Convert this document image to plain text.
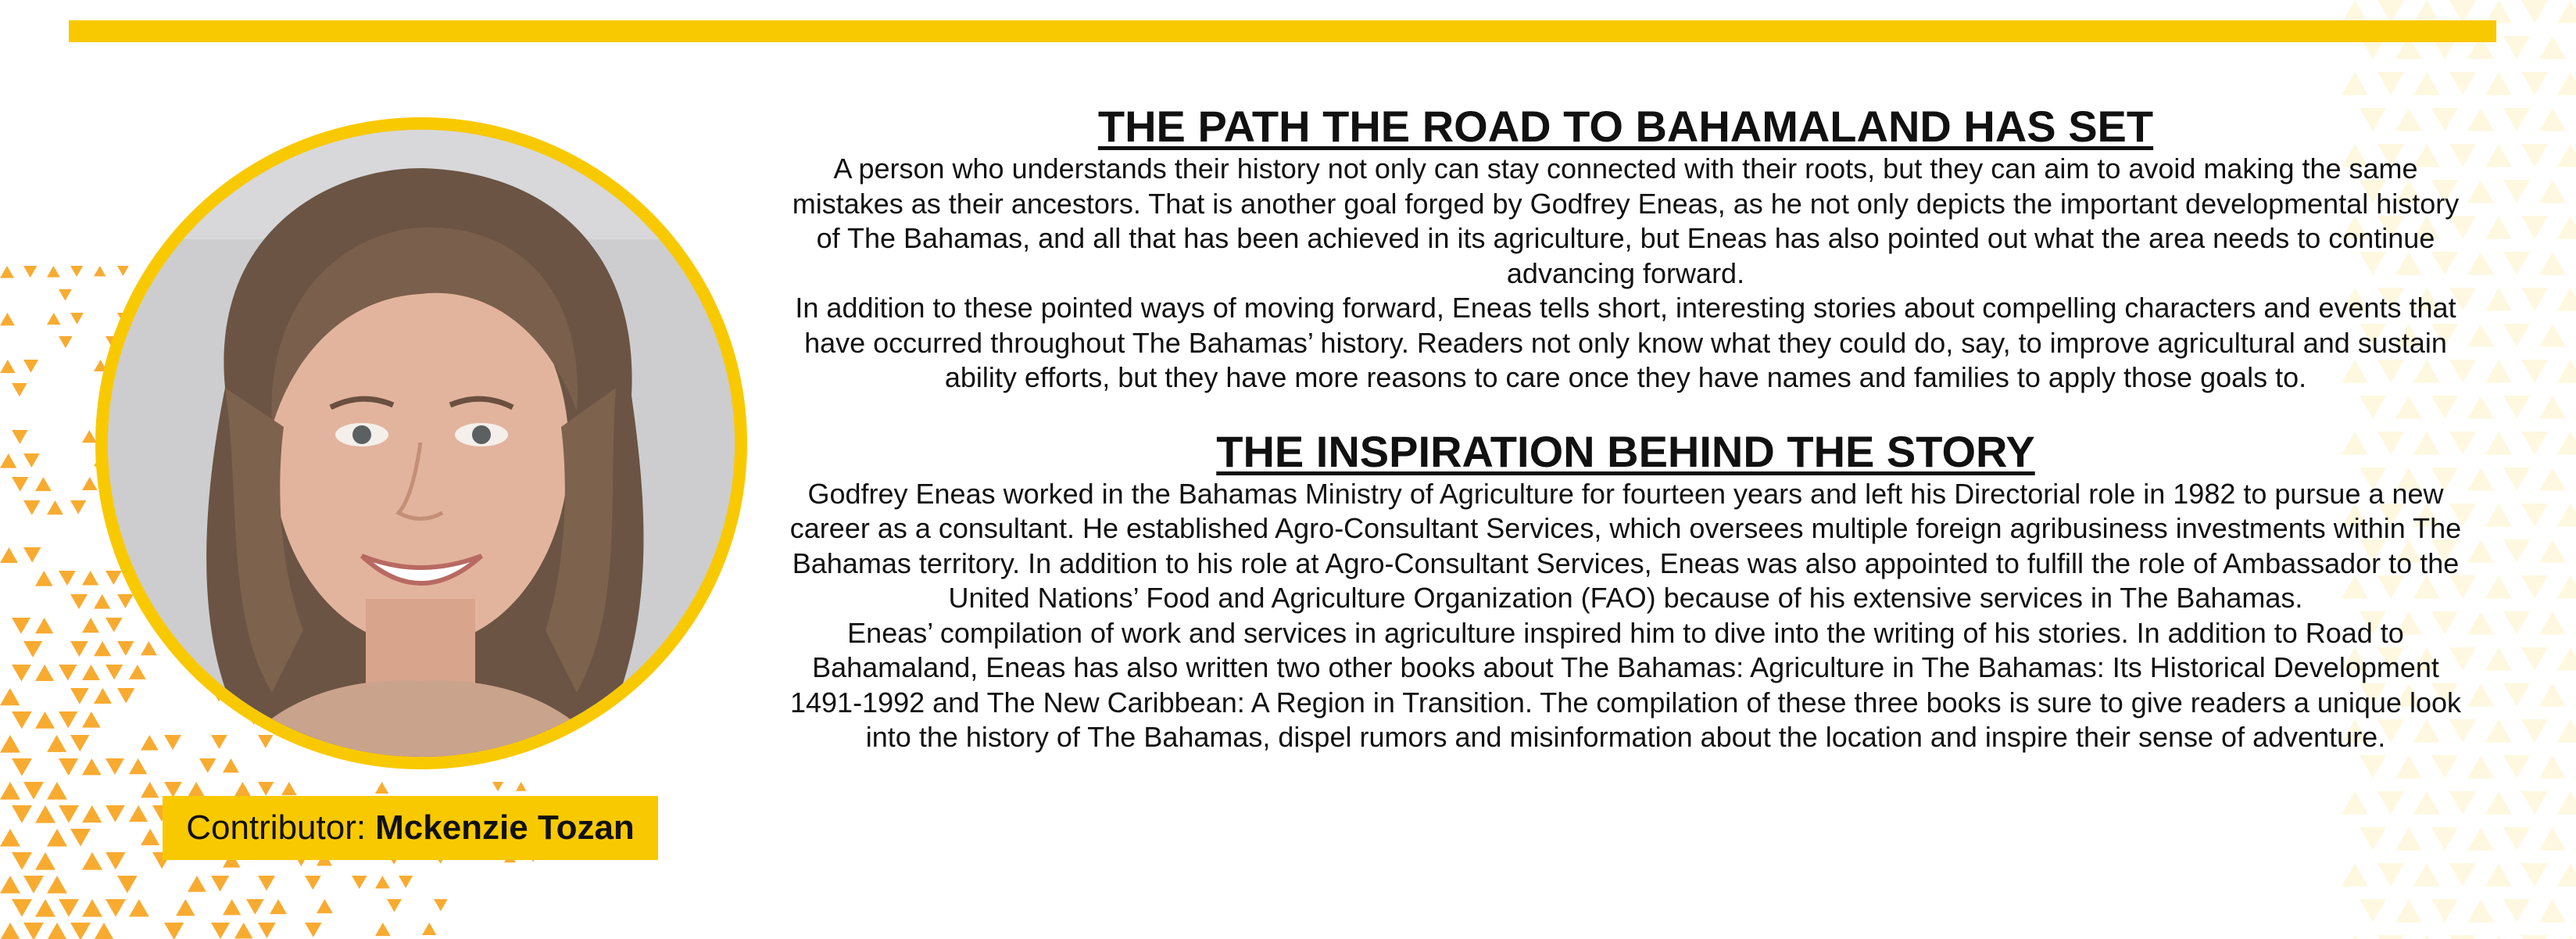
Contributor: Mckenzie Tozan
THE PATH THE ROAD TO BAHAMALAND HAS SET

A person who understands their history not only can stay connected with their roots, but they can aim to avoid making the same mistakes as their ancestors. That is another goal forged by Godfrey Eneas, as he not only depicts the important developmental history of The Bahamas, and all that has been achieved in its agriculture, but Eneas has also pointed out what the area needs to continue advancing forward.

In addition to these pointed ways of moving forward, Eneas tells short, interesting stories about compelling characters and events that have occurred throughout The Bahamas’ history. Readers not only know what they could do, say, to improve agricultural and sustain ability efforts, but they have more reasons to care once they have names and families to apply those goals to.

THE INSPIRATION BEHIND THE STORY

Godfrey Eneas worked in the Bahamas Ministry of Agriculture for fourteen years and left his Directorial role in 1982 to pursue a new career as a consultant. He established Agro-Consultant Services, which oversees multiple foreign agribusiness investments within The Bahamas territory. In addition to his role at Agro-Consultant Services, Eneas was also appointed to fulfill the role of Ambassador to the United Nations’ Food and Agriculture Organization (FAO) because of his extensive services in The Bahamas.

Eneas’ compilation of work and services in agriculture inspired him to dive into the writing of his stories. In addition to Road to Bahamaland, Eneas has also written two other books about The Bahamas: Agriculture in The Bahamas: Its Historical Development 1491-1992 and The New Caribbean: A Region in Transition. The compilation of these three books is sure to give readers a unique look into the history of The Bahamas, dispel rumors and misinformation about the location and inspire their sense of adventure.
